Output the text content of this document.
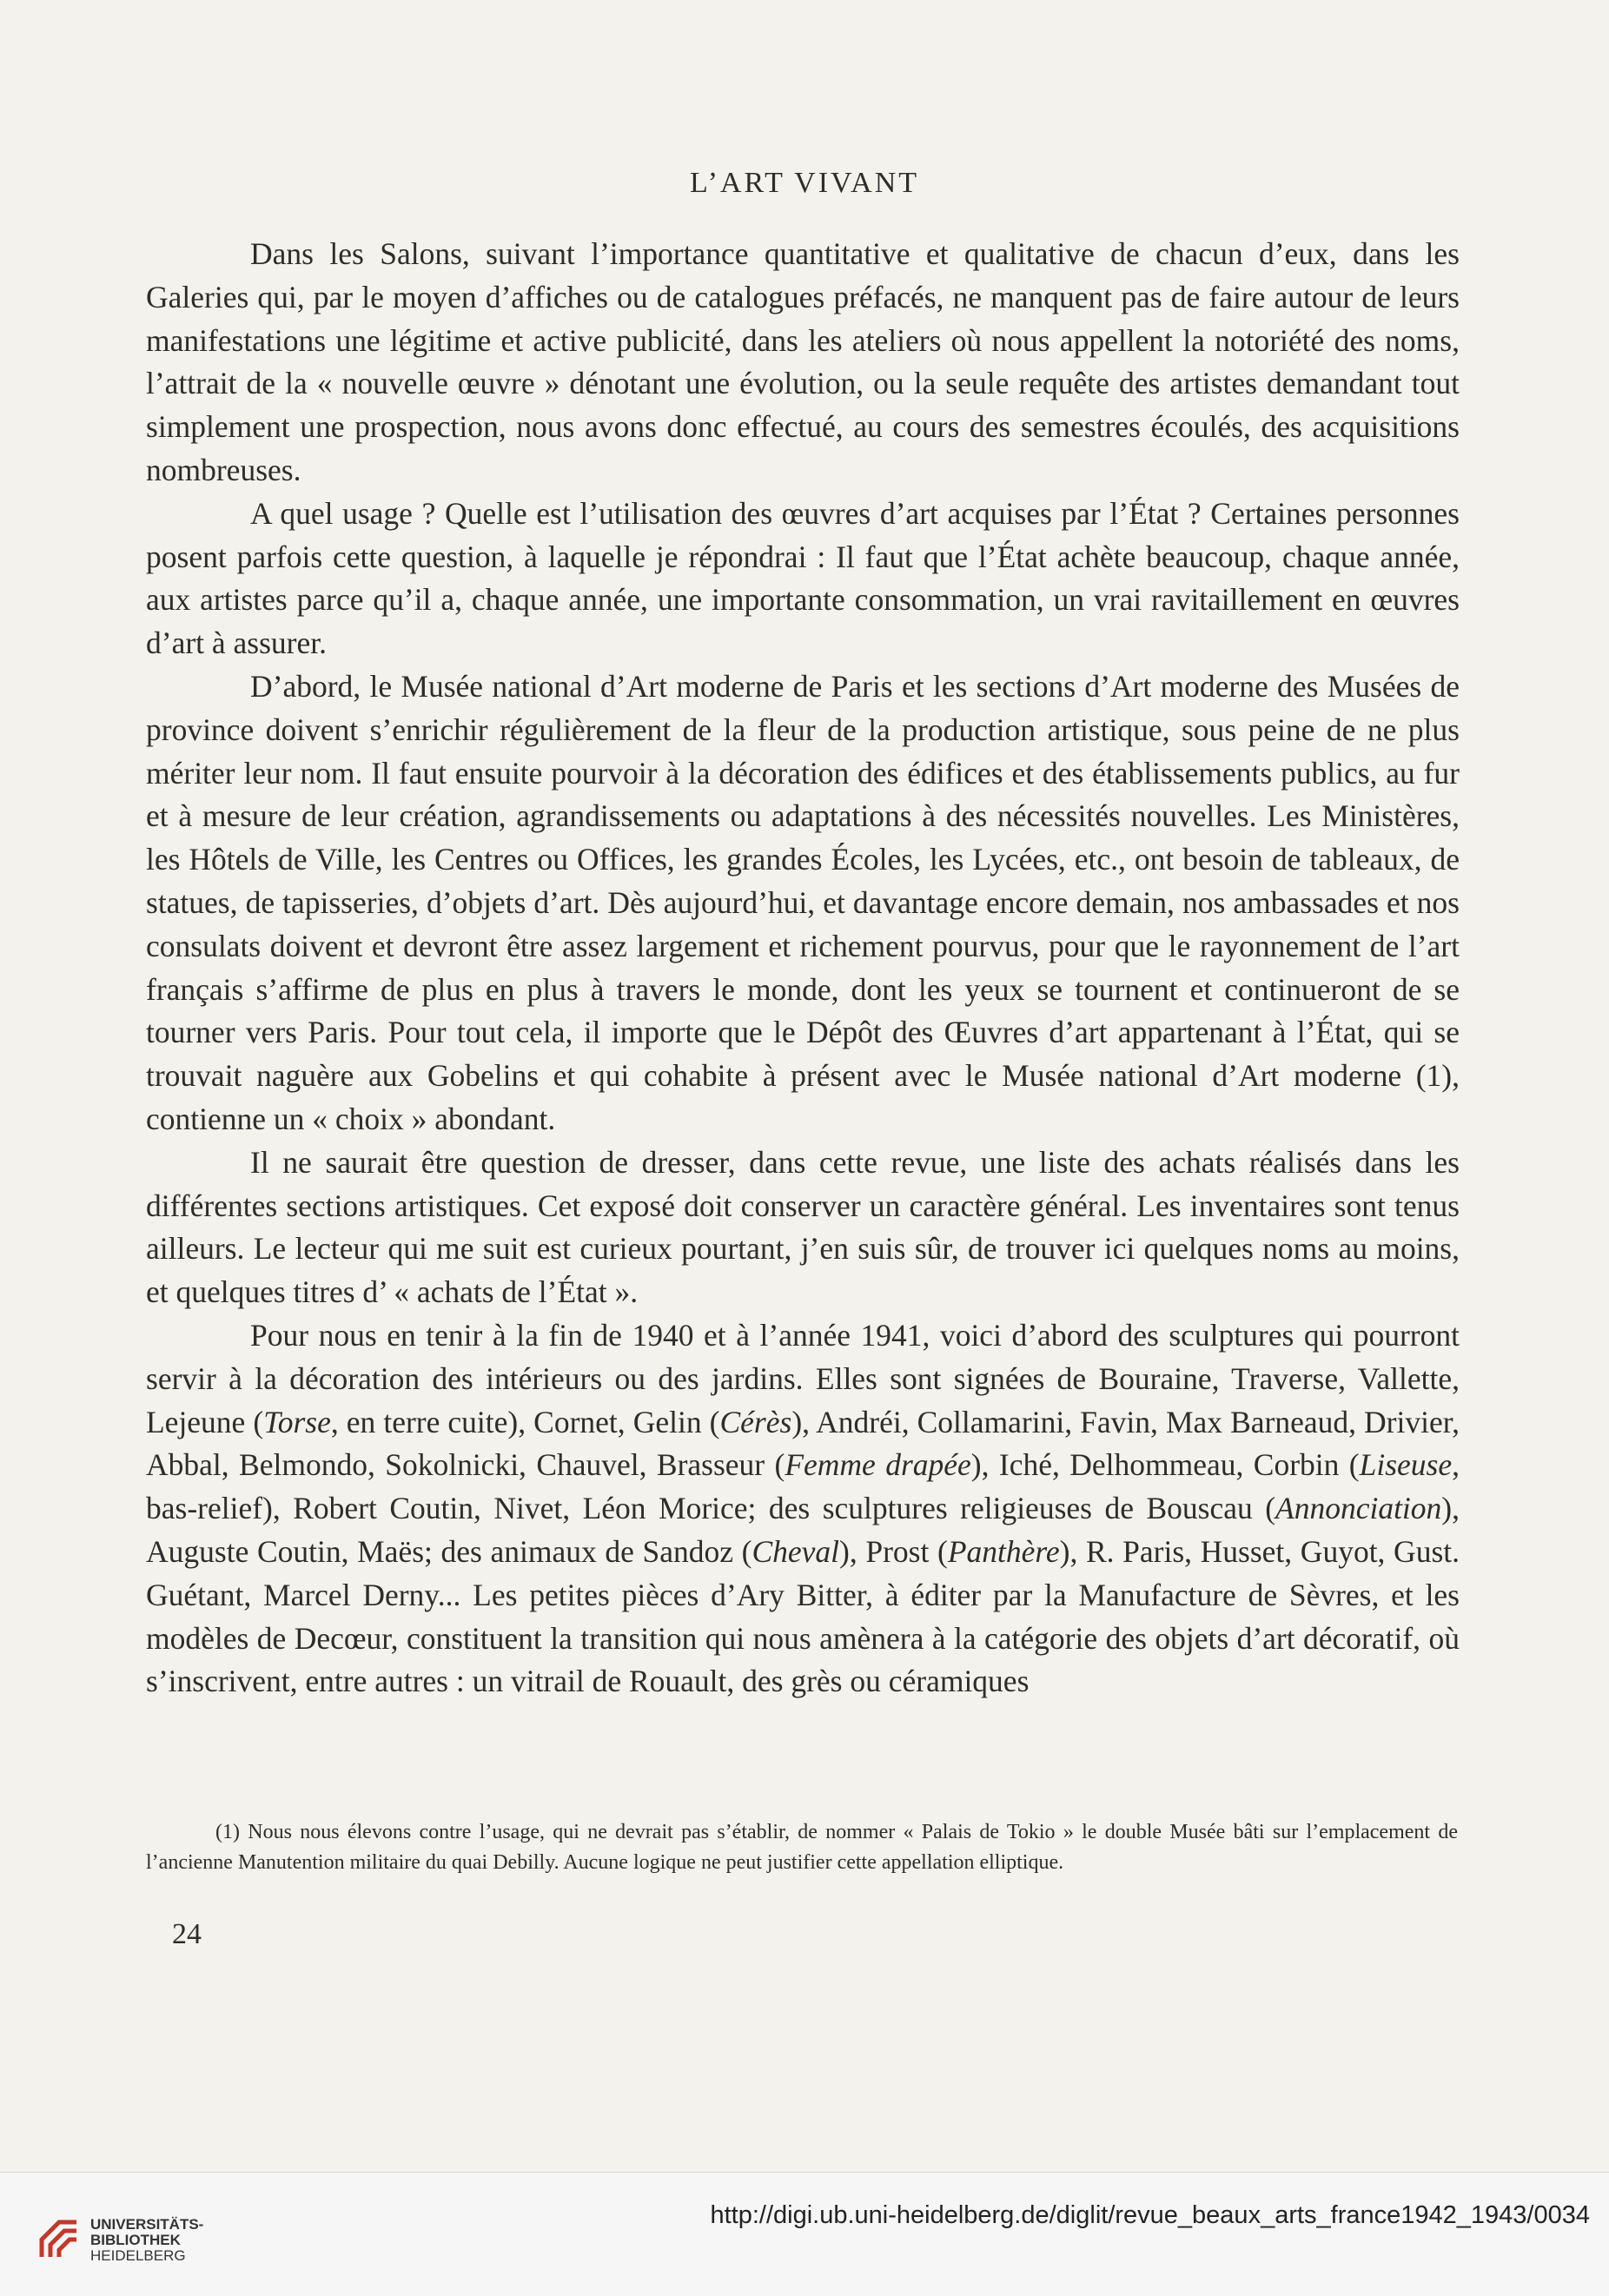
L’ART VIVANT

Dans les Salons, suivant l’importance quantitative et qualitative de chacun d’eux, dans les Galeries qui, par le moyen d’affiches ou de catalogues préfacés, ne manquent pas de faire autour de leurs manifestations une légitime et active publicité, dans les ateliers où nous appellent la notoriété des noms, l’attrait de la « nouvelle œuvre » dénotant une évolution, ou la seule requête des artistes demandant tout simplement une prospection, nous avons donc effectué, au cours des semestres écoulés, des acquisitions nombreuses.

A quel usage ? Quelle est l’utilisation des œuvres d’art acquises par l’État ? Certaines personnes posent parfois cette question, à laquelle je répondrai : Il faut que l’État achète beaucoup, chaque année, aux artistes parce qu’il a, chaque année, une importante consommation, un vrai ravitaillement en œuvres d’art à assurer.

D’abord, le Musée national d’Art moderne de Paris et les sections d’Art moderne des Musées de province doivent s’enrichir régulièrement de la fleur de la production artistique, sous peine de ne plus mériter leur nom. Il faut ensuite pourvoir à la décoration des édifices et des établissements publics, au fur et à mesure de leur création, agrandissements ou adaptations à des nécessités nouvelles. Les Ministères, les Hôtels de Ville, les Centres ou Offices, les grandes Écoles, les Lycées, etc., ont besoin de tableaux, de statues, de tapisseries, d’objets d’art. Dès aujourd’hui, et davantage encore demain, nos ambassades et nos consulats doivent et devront être assez largement et richement pourvus, pour que le rayonnement de l’art français s’affirme de plus en plus à travers le monde, dont les yeux se tournent et continueront de se tourner vers Paris. Pour tout cela, il importe que le Dépôt des Œuvres d’art appartenant à l’État, qui se trouvait naguère aux Gobelins et qui cohabite à présent avec le Musée national d’Art moderne (1), contienne un « choix » abondant.

Il ne saurait être question de dresser, dans cette revue, une liste des achats réalisés dans les différentes sections artistiques. Cet exposé doit conserver un caractère général. Les inventaires sont tenus ailleurs. Le lecteur qui me suit est curieux pourtant, j’en suis sûr, de trouver ici quelques noms au moins, et quelques titres d’ « achats de l’État ».

Pour nous en tenir à la fin de 1940 et à l’année 1941, voici d’abord des sculptures qui pourront servir à la décoration des intérieurs ou des jardins. Elles sont signées de Bouraine, Traverse, Vallette, Lejeune (Torse, en terre cuite), Cornet, Gelin (Cérès), Andréi, Collamarini, Favin, Max Barneaud, Drivier, Abbal, Belmondo, Sokolnicki, Chauvel, Brasseur (Femme drapée), Iché, Delhommeau, Corbin (Liseuse, bas-relief), Robert Coutin, Nivet, Léon Morice; des sculptures religieuses de Bouscau (Annonciation), Auguste Coutin, Maës; des animaux de Sandoz (Cheval), Prost (Panthère), R. Paris, Husset, Guyot, Gust. Guétant, Marcel Derny... Les petites pièces d’Ary Bitter, à éditer par la Manufacture de Sèvres, et les modèles de Decœur, constituent la transition qui nous amènera à la catégorie des objets d’art décoratif, où s’inscrivent, entre autres : un vitrail de Rouault, des grès ou céramiques

(1) Nous nous élevons contre l’usage, qui ne devrait pas s’établir, de nommer « Palais de Tokio » le double Musée bâti sur l’emplacement de l’ancienne Manutention militaire du quai Debilly. Aucune logique ne peut justifier cette appellation elliptique.

24
UNIVERSITÄTS-
BIBLIOTHEK
HEIDELBERG
http://digi.ub.uni-heidelberg.de/diglit/revue_beaux_arts_france1942_1943/0034
